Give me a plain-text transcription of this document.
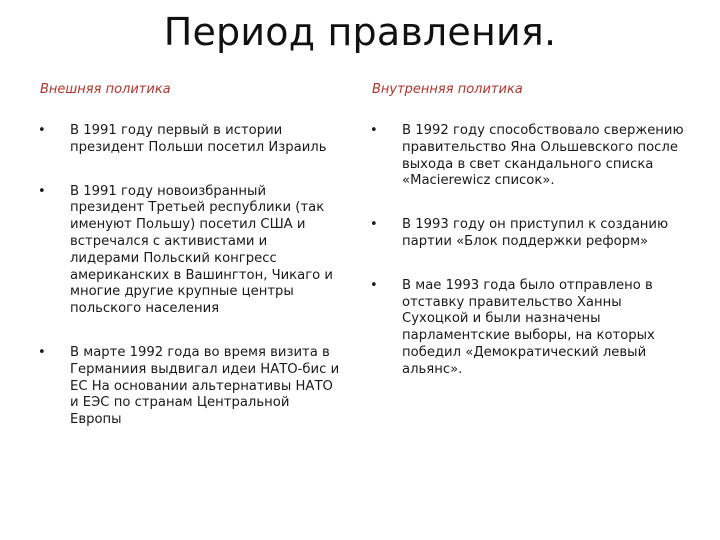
Период правления.
Внешняя политика
• В 1991 году первый в истории президент Польши посетил Израиль
• В 1991 году новоизбранный президент Третьей республики (так именуют Польшу) посетил США и встречался с активистами и лидерами Польский конгресс американских в Вашингтон, Чикаго и многие другие крупные центры польского населения
• В марте 1992 года во время визита в Германиия выдвигал идеи НАТО-бис и ЕС На основании альтернативы НАТО и ЕЭС по странам Центральной Европы
Внутренняя политика
• В 1992 году способствовало свержению правительство Яна Ольшевского после выхода в свет скандального списка «Macierewicz список».
• В 1993 году он приступил к созданию партии «Блок поддержки реформ»
• В мае 1993 года было отправлено в отставку правительство Ханны Сухоцкой и были назначены парламентские выборы, на которых победил «Демократический левый альянс».
